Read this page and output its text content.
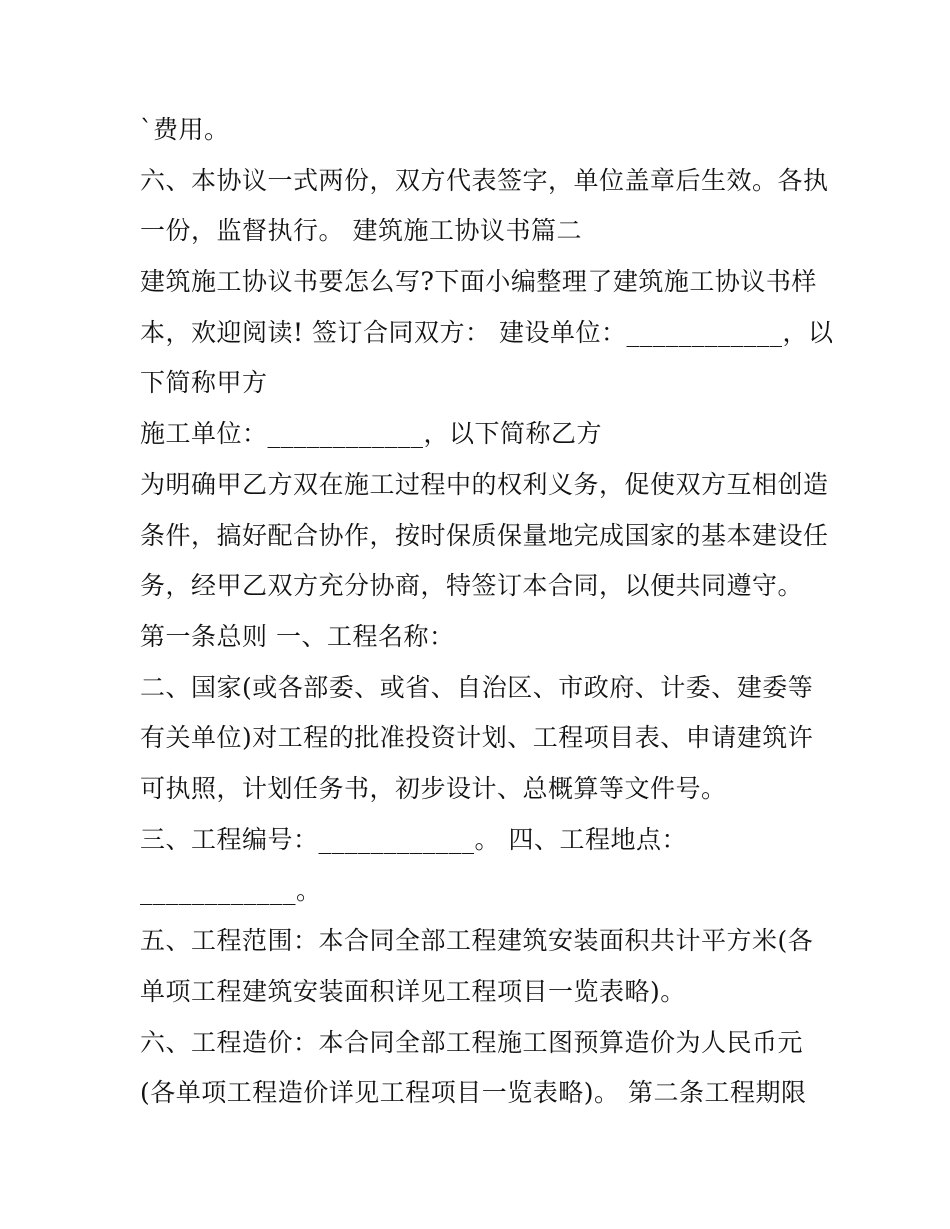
`费用。
六、本协议一式两份，双方代表签字，单位盖章后生效。各执
一份，监督执行。 建筑施工协议书篇二
建筑施工协议书要怎么写?下面小编整理了建筑施工协议书样
本，欢迎阅读! 签订合同双方： 建设单位：____________，以
下简称甲方
施工单位：____________，以下简称乙方
为明确甲乙方双在施工过程中的权利义务，促使双方互相创造
条件，搞好配合协作，按时保质保量地完成国家的基本建设任
务，经甲乙双方充分协商，特签订本合同，以便共同遵守。
第一条总则 一、工程名称：
二、国家(或各部委、或省、自治区、市政府、计委、建委等
有关单位)对工程的批准投资计划、工程项目表、申请建筑许
可执照，计划任务书，初步设计、总概算等文件号。
三、工程编号：____________。 四、工程地点：
____________。
五、工程范围：本合同全部工程建筑安装面积共计平方米(各
单项工程建筑安装面积详见工程项目一览表略)。
六、工程造价：本合同全部工程施工图预算造价为人民币元
(各单项工程造价详见工程项目一览表略)。 第二条工程期限
